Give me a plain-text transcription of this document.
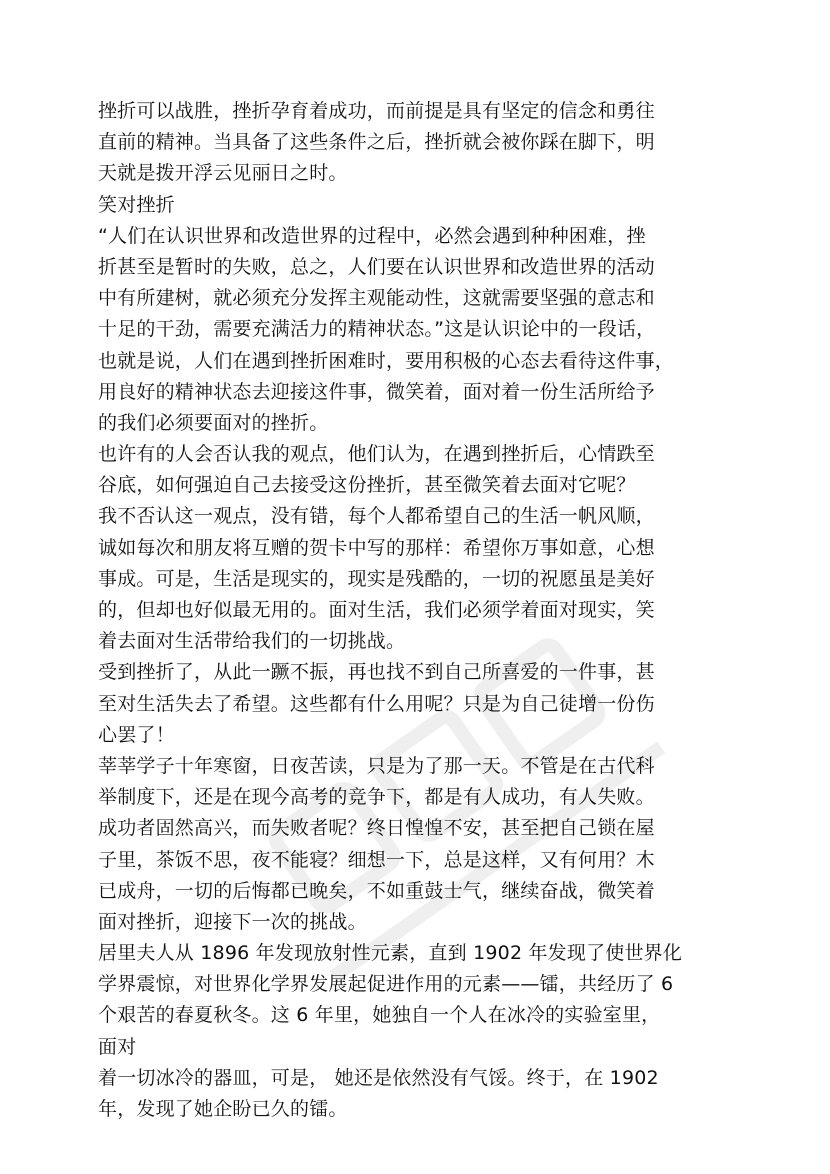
挫折可以战胜，挫折孕育着成功，而前提是具有坚定的信念和勇往
直前的精神。当具备了这些条件之后，挫折就会被你踩在脚下，明
天就是拨开浮云见丽日之时。
笑对挫折
“人们在认识世界和改造世界的过程中，必然会遇到种种困难，挫
折甚至是暂时的失败，总之，人们要在认识世界和改造世界的活动
中有所建树，就必须充分发挥主观能动性，这就需要坚强的意志和
十足的干劲，需要充满活力的精神状态。”这是认识论中的一段话，
也就是说，人们在遇到挫折困难时，要用积极的心态去看待这件事，
用良好的精神状态去迎接这件事，微笑着，面对着一份生活所给予
的我们必须要面对的挫折。
也许有的人会否认我的观点，他们认为，在遇到挫折后，心情跌至
谷底，如何强迫自己去接受这份挫折，甚至微笑着去面对它呢？
我不否认这一观点，没有错，每个人都希望自己的生活一帆风顺，
诚如每次和朋友将互赠的贺卡中写的那样：希望你万事如意，心想
事成。可是，生活是现实的，现实是残酷的，一切的祝愿虽是美好
的，但却也好似最无用的。面对生活，我们必须学着面对现实，笑
着去面对生活带给我们的一切挑战。
受到挫折了，从此一蹶不振，再也找不到自己所喜爱的一件事，甚
至对生活失去了希望。这些都有什么用呢？只是为自己徒增一份伤
心罢了！
莘莘学子十年寒窗，日夜苦读，只是为了那一天。不管是在古代科
举制度下，还是在现今高考的竞争下，都是有人成功，有人失败。
成功者固然高兴，而失败者呢？终日惶惶不安，甚至把自己锁在屋
子里，茶饭不思，夜不能寝？细想一下，总是这样，又有何用？木
已成舟，一切的后悔都已晚矣，不如重鼓士气，继续奋战，微笑着
面对挫折，迎接下一次的挑战。
居里夫人从 1896 年发现放射性元素，直到 1902 年发现了使世界化
学界震惊，对世界化学界发展起促进作用的元素——镭，共经历了 6
个艰苦的春夏秋冬。这 6 年里，她独自一个人在冰冷的实验室里，
面对
着一切冰冷的器皿，可是， 她还是依然没有气馁。终于，在 1902
年，发现了她企盼已久的镭。
